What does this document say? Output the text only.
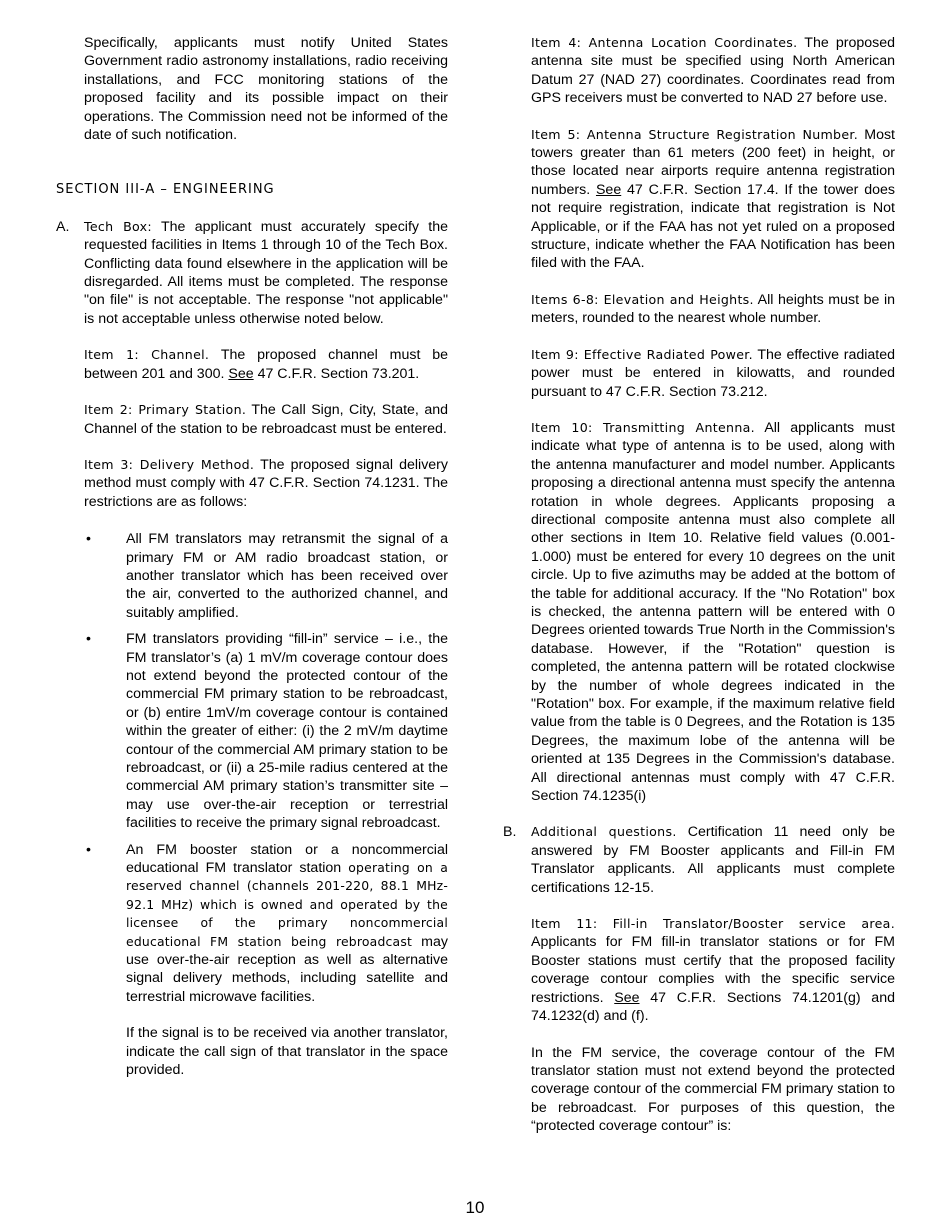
Specifically, applicants must notify United States Government radio astronomy installations, radio receiving installations, and FCC monitoring stations of the proposed facility and its possible impact on their operations. The Commission need not be informed of the date of such notification.

SECTION III-A – ENGINEERING
A. Tech Box: The applicant must accurately specify the requested facilities in Items 1 through 10 of the Tech Box. Conflicting data found elsewhere in the application will be disregarded. All items must be completed. The response "on file" is not acceptable. The response "not applicable" is not acceptable unless otherwise noted below.

Item 1: Channel. The proposed channel must be between 201 and 300. See 47 C.F.R. Section 73.201.

Item 2: Primary Station. The Call Sign, City, State, and Channel of the station to be rebroadcast must be entered.

Item 3: Delivery Method. The proposed signal delivery method must comply with 47 C.F.R. Section 74.1231. The restrictions are as follows:

• All FM translators may retransmit the signal of a primary FM or AM radio broadcast station, or another translator which has been received over the air, converted to the authorized channel, and suitably amplified.

• FM translators providing “fill-in” service – i.e., the FM translator’s (a) 1 mV/m coverage contour does not extend beyond the protected contour of the commercial FM primary station to be rebroadcast, or (b) entire 1mV/m coverage contour is contained within the greater of either: (i) the 2 mV/m daytime contour of the commercial AM primary station to be rebroadcast, or (ii) a 25-mile radius centered at the commercial AM primary station’s transmitter site – may use over-the-air reception or terrestrial facilities to receive the primary signal rebroadcast.

• An FM booster station or a noncommercial educational FM translator station operating on a reserved channel (channels 201-220, 88.1 MHz-92.1 MHz) which is owned and operated by the licensee of the primary noncommercial educational FM station being rebroadcast may use over-the-air reception as well as alternative signal delivery methods, including satellite and terrestrial microwave facilities.

If the signal is to be received via another translator, indicate the call sign of that translator in the space provided.

Item 4: Antenna Location Coordinates. The proposed antenna site must be specified using North American Datum 27 (NAD 27) coordinates. Coordinates read from GPS receivers must be converted to NAD 27 before use.

Item 5: Antenna Structure Registration Number. Most towers greater than 61 meters (200 feet) in height, or those located near airports require antenna registration numbers. See 47 C.F.R. Section 17.4. If the tower does not require registration, indicate that registration is Not Applicable, or if the FAA has not yet ruled on a proposed structure, indicate whether the FAA Notification has been filed with the FAA.

Items 6-8: Elevation and Heights. All heights must be in meters, rounded to the nearest whole number.

Item 9: Effective Radiated Power. The effective radiated power must be entered in kilowatts, and rounded pursuant to 47 C.F.R. Section 73.212.

Item 10: Transmitting Antenna. All applicants must indicate what type of antenna is to be used, along with the antenna manufacturer and model number. Applicants proposing a directional antenna must specify the antenna rotation in whole degrees. Applicants proposing a directional composite antenna must also complete all other sections in Item 10. Relative field values (0.001-1.000) must be entered for every 10 degrees on the unit circle. Up to five azimuths may be added at the bottom of the table for additional accuracy. If the "No Rotation" box is checked, the antenna pattern will be entered with 0 Degrees oriented towards True North in the Commission's database. However, if the "Rotation" question is completed, the antenna pattern will be rotated clockwise by the number of whole degrees indicated in the "Rotation" box. For example, if the maximum relative field value from the table is 0 Degrees, and the Rotation is 135 Degrees, the maximum lobe of the antenna will be oriented at 135 Degrees in the Commission's database. All directional antennas must comply with 47 C.F.R. Section 74.1235(i)

B. Additional questions. Certification 11 need only be answered by FM Booster applicants and Fill-in FM Translator applicants. All applicants must complete certifications 12-15.

Item 11: Fill-in Translator/Booster service area. Applicants for FM fill-in translator stations or for FM Booster stations must certify that the proposed facility coverage contour complies with the specific service restrictions. See 47 C.F.R. Sections 74.1201(g) and 74.1232(d) and (f).

In the FM service, the coverage contour of the FM translator station must not extend beyond the protected coverage contour of the commercial FM primary station to be rebroadcast. For purposes of this question, the “protected coverage contour” is:

10
